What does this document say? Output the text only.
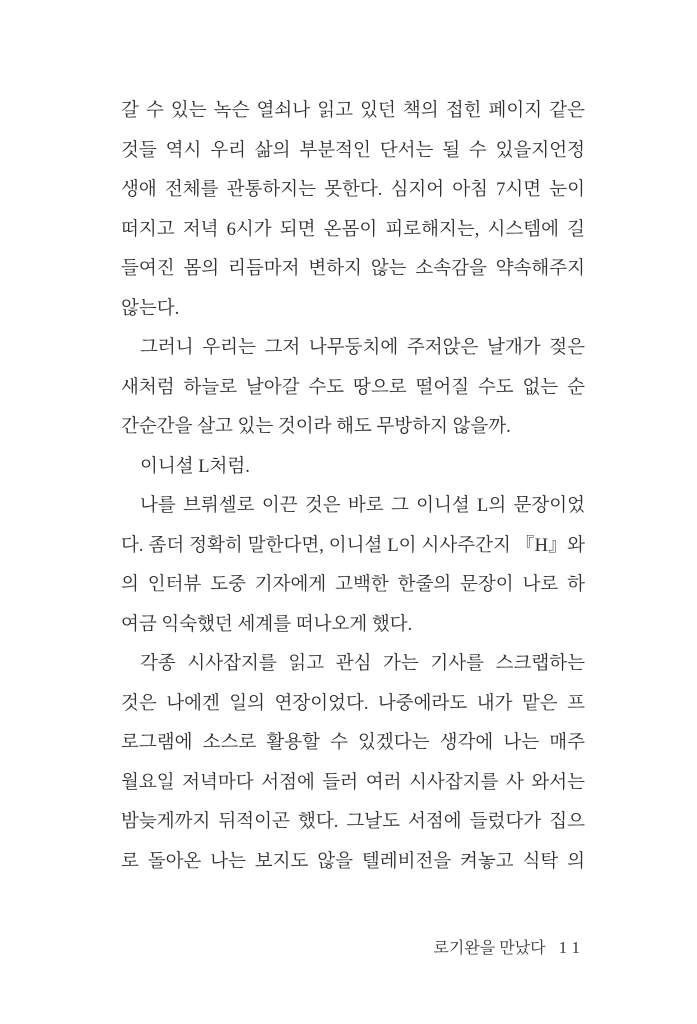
갈 수 있는 녹슨 열쇠나 읽고 있던 책의 접힌 페이지 같은
것들 역시 우리 삶의 부분적인 단서는 될 수 있을지언정
생애 전체를 관통하지는 못한다. 심지어 아침 7시면 눈이
떠지고 저녁 6시가 되면 온몸이 피로해지는, 시스템에 길
들여진 몸의 리듬마저 변하지 않는 소속감을 약속해주지
않는다.
그러니 우리는 그저 나무둥치에 주저앉은 날개가 젖은
새처럼 하늘로 날아갈 수도 땅으로 떨어질 수도 없는 순
간순간을 살고 있는 것이라 해도 무방하지 않을까.
이니셜 L처럼.
나를 브뤼셀로 이끈 것은 바로 그 이니셜 L의 문장이었
다. 좀더 정확히 말한다면, 이니셜 L이 시사주간지 『H』와
의 인터뷰 도중 기자에게 고백한 한줄의 문장이 나로 하
여금 익숙했던 세계를 떠나오게 했다.
각종 시사잡지를 읽고 관심 가는 기사를 스크랩하는
것은 나에겐 일의 연장이었다. 나중에라도 내가 맡은 프
로그램에 소스로 활용할 수 있겠다는 생각에 나는 매주
월요일 저녁마다 서점에 들러 여러 시사잡지를 사 와서는
밤늦게까지 뒤적이곤 했다. 그날도 서점에 들렀다가 집으
로 돌아온 나는 보지도 않을 텔레비전을 켜놓고 식탁 의
로기완을 만났다 11
